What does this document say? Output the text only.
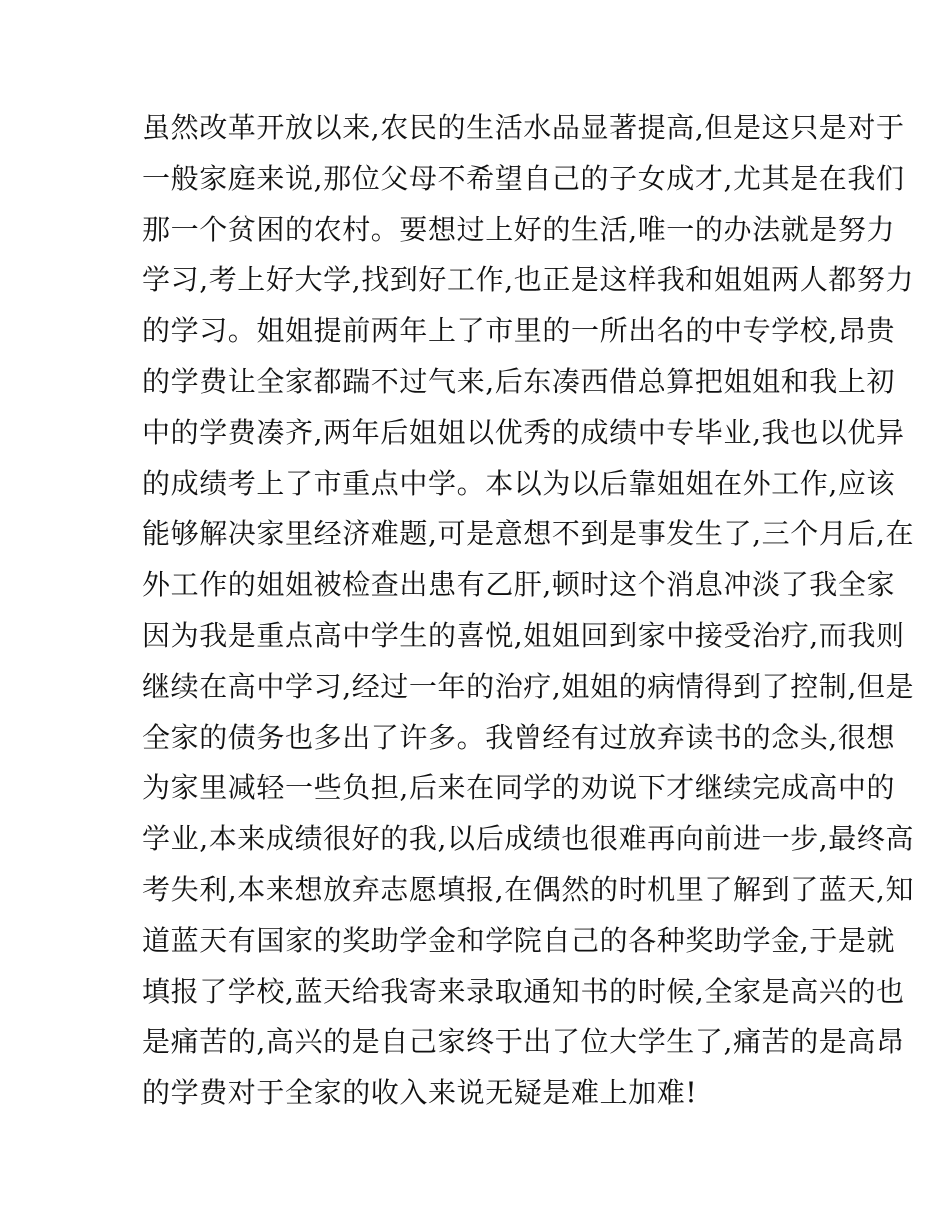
虽然改革开放以来,农民的生活水品显著提高,但是这只是对于
一般家庭来说,那位父母不希望自己的子女成才,尤其是在我们
那一个贫困的农村。要想过上好的生活,唯一的办法就是努力
学习,考上好大学,找到好工作,也正是这样我和姐姐两人都努力
的学习。姐姐提前两年上了市里的一所出名的中专学校,昂贵
的学费让全家都踹不过气来,后东凑西借总算把姐姐和我上初
中的学费凑齐,两年后姐姐以优秀的成绩中专毕业,我也以优异
的成绩考上了市重点中学。本以为以后靠姐姐在外工作,应该
能够解决家里经济难题,可是意想不到是事发生了,三个月后,在
外工作的姐姐被检查出患有乙肝,顿时这个消息冲淡了我全家
因为我是重点高中学生的喜悦,姐姐回到家中接受治疗,而我则
继续在高中学习,经过一年的治疗,姐姐的病情得到了控制,但是
全家的债务也多出了许多。我曾经有过放弃读书的念头,很想
为家里减轻一些负担,后来在同学的劝说下才继续完成高中的
学业,本来成绩很好的我,以后成绩也很难再向前进一步,最终高
考失利,本来想放弃志愿填报,在偶然的时机里了解到了蓝天,知
道蓝天有国家的奖助学金和学院自己的各种奖助学金,于是就
填报了学校,蓝天给我寄来录取通知书的时候,全家是高兴的也
是痛苦的,高兴的是自己家终于出了位大学生了,痛苦的是高昂
的学费对于全家的收入来说无疑是难上加难!
